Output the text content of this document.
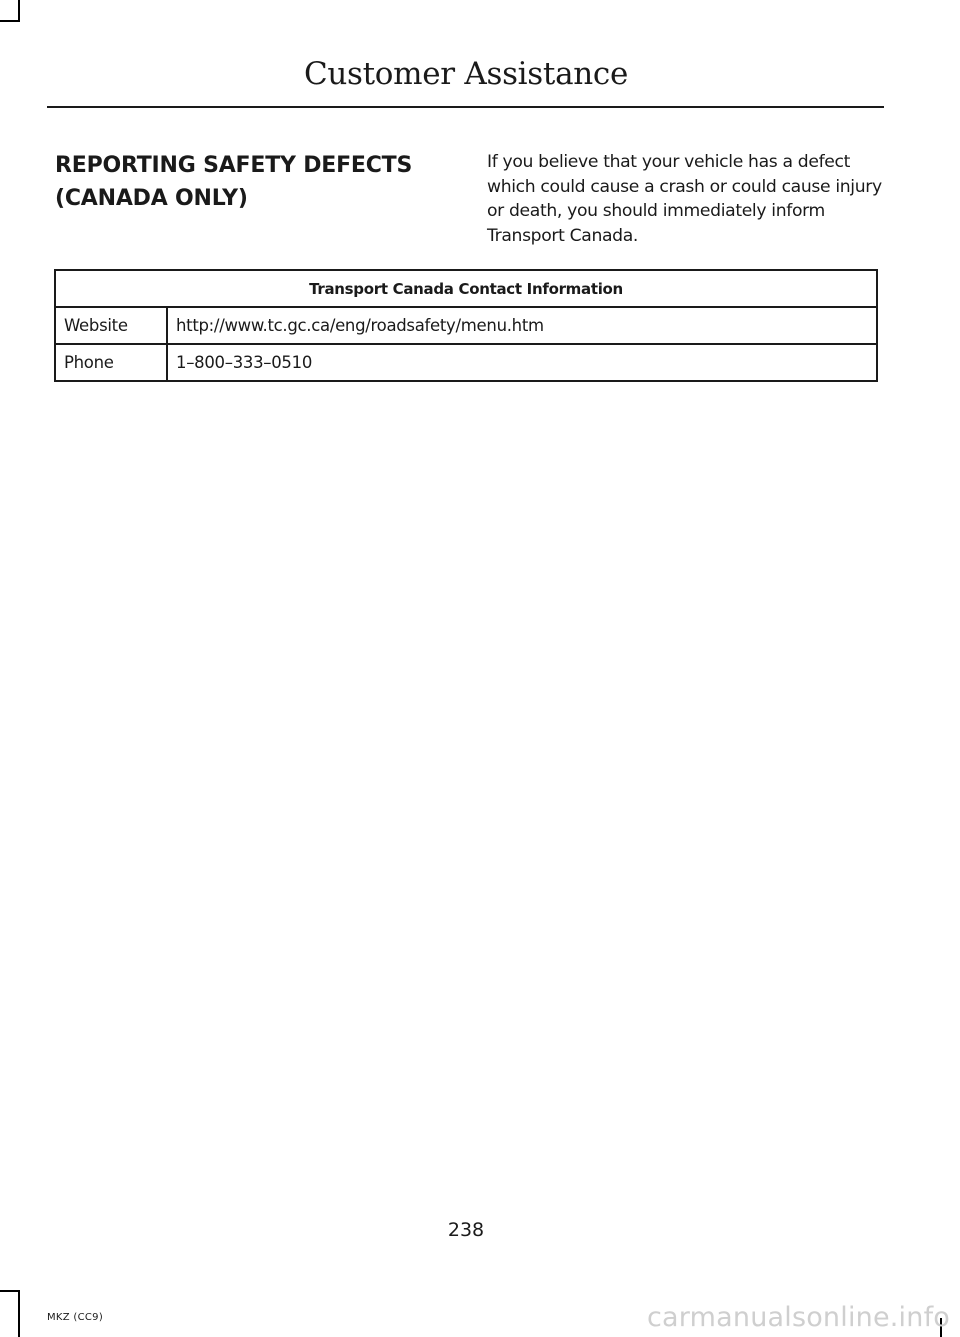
Customer Assistance
REPORTING SAFETY DEFECTS
(CANADA ONLY)
If you believe that your vehicle has a defect which could cause a crash or could cause injury or death, you should immediately inform Transport Canada.
Transport Canada Contact Information	
Website	http://www.tc.gc.ca/eng/roadsafety/menu.htm
Phone	1–800–333–0510
238
MKZ (CC9)	carmanualsonline.info
